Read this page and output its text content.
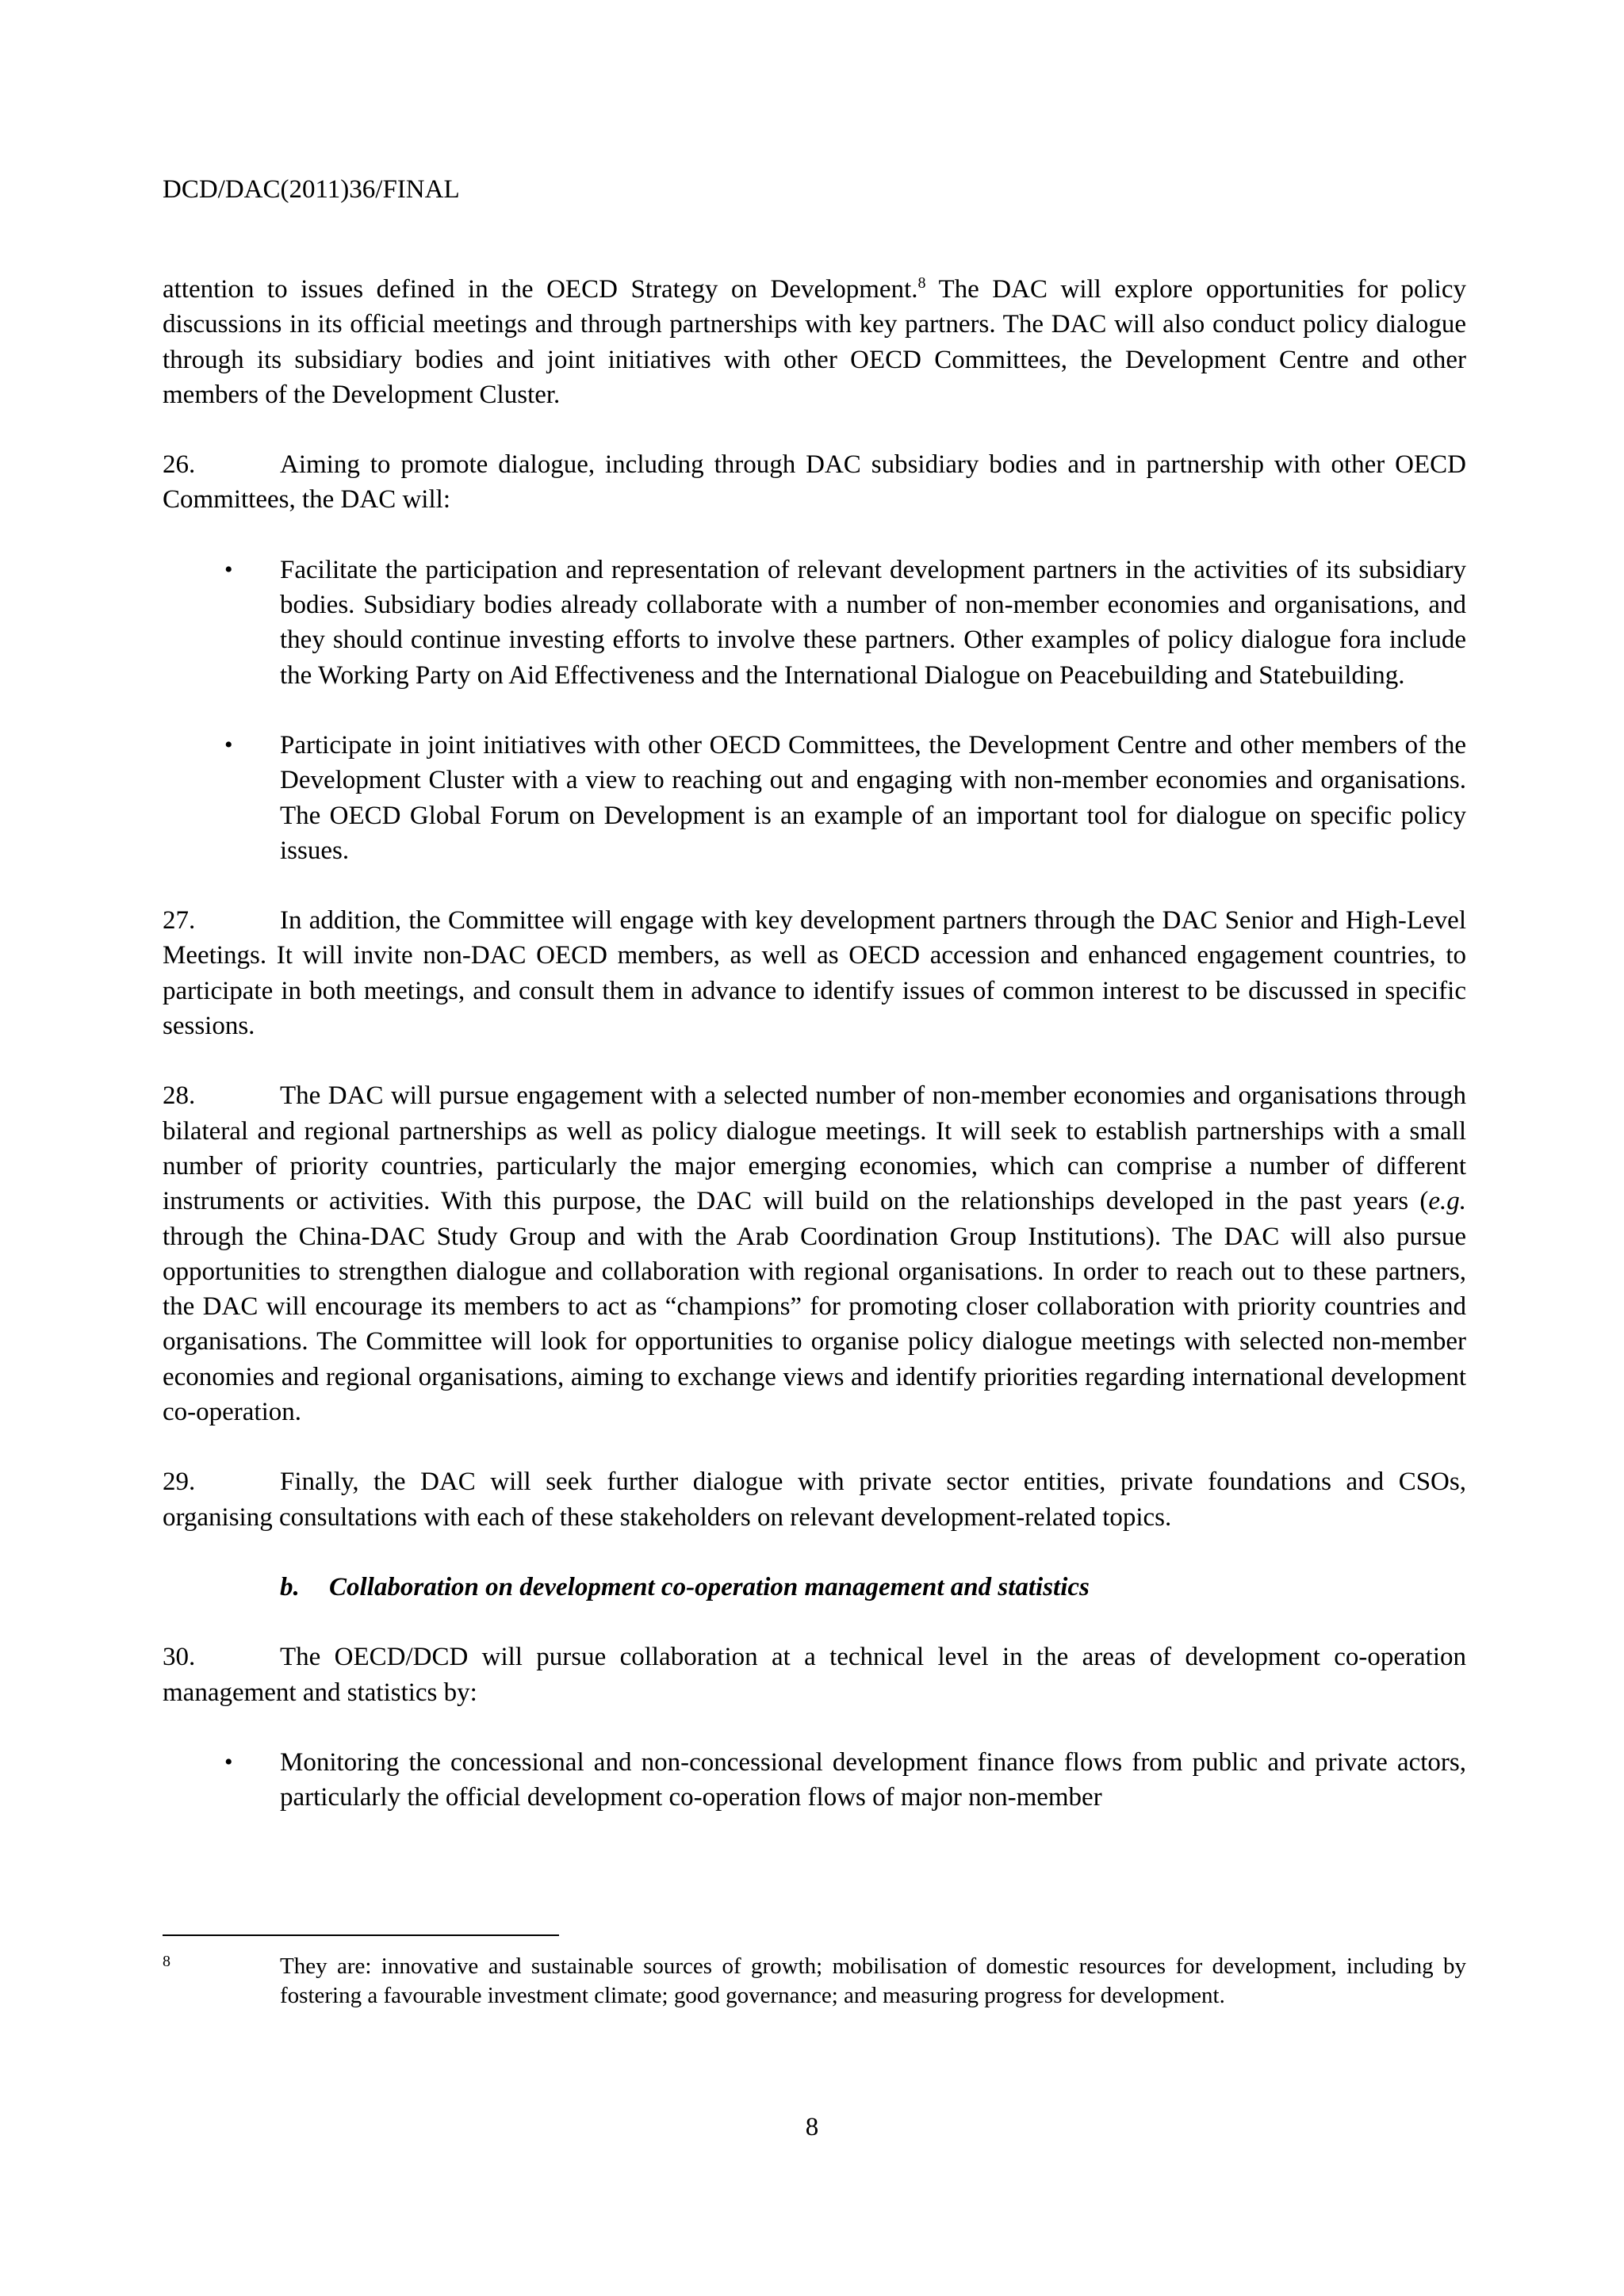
DCD/DAC(2011)36/FINAL

attention to issues defined in the OECD Strategy on Development.$^8$ The DAC will explore opportunities for policy discussions in its official meetings and through partnerships with key partners. The DAC will also conduct policy dialogue through its subsidiary bodies and joint initiatives with other OECD Committees, the Development Centre and other members of the Development Cluster.

26.	Aiming to promote dialogue, including through DAC subsidiary bodies and in partnership with other OECD Committees, the DAC will:

• Facilitate the participation and representation of relevant development partners in the activities of its subsidiary bodies. Subsidiary bodies already collaborate with a number of non-member economies and organisations, and they should continue investing efforts to involve these partners. Other examples of policy dialogue fora include the Working Party on Aid Effectiveness and the International Dialogue on Peacebuilding and Statebuilding.
• Participate in joint initiatives with other OECD Committees, the Development Centre and other members of the Development Cluster with a view to reaching out and engaging with non-member economies and organisations. The OECD Global Forum on Development is an example of an important tool for dialogue on specific policy issues.

27.	In addition, the Committee will engage with key development partners through the DAC Senior and High-Level Meetings. It will invite non-DAC OECD members, as well as OECD accession and enhanced engagement countries, to participate in both meetings, and consult them in advance to identify issues of common interest to be discussed in specific sessions.

28.	The DAC will pursue engagement with a selected number of non-member economies and organisations through bilateral and regional partnerships as well as policy dialogue meetings. It will seek to establish partnerships with a small number of priority countries, particularly the major emerging economies, which can comprise a number of different instruments or activities. With this purpose, the DAC will build on the relationships developed in the past years (e.g. through the China-DAC Study Group and with the Arab Coordination Group Institutions). The DAC will also pursue opportunities to strengthen dialogue and collaboration with regional organisations. In order to reach out to these partners, the DAC will encourage its members to act as “champions” for promoting closer collaboration with priority countries and organisations. The Committee will look for opportunities to organise policy dialogue meetings with selected non-member economies and regional organisations, aiming to exchange views and identify priorities regarding international development co-operation.

29.	Finally, the DAC will seek further dialogue with private sector entities, private foundations and CSOs, organising consultations with each of these stakeholders on relevant development-related topics.

b. Collaboration on development co-operation management and statistics

30.	The OECD/DCD will pursue collaboration at a technical level in the areas of development co-operation management and statistics by:

• Monitoring the concessional and non-concessional development finance flows from public and private actors, particularly the official development co-operation flows of major non-member
8	They are: innovative and sustainable sources of growth; mobilisation of domestic resources for development, including by fostering a favourable investment climate; good governance; and measuring progress for development.
8
